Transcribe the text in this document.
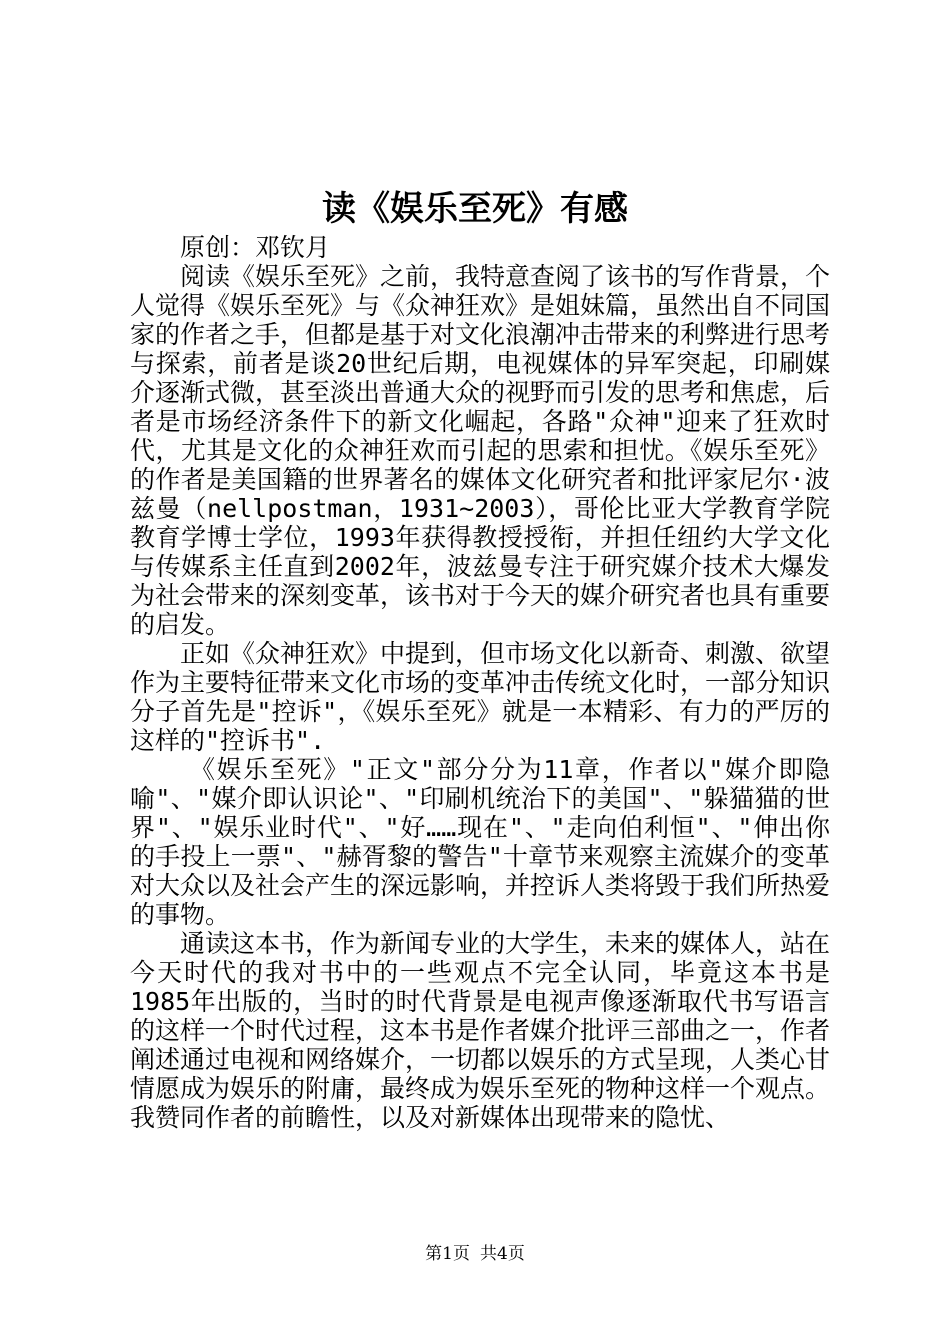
读《娱乐至死》有感

原创：邓钦月

阅读《娱乐至死》之前，我特意查阅了该书的写作背景，个人觉得《娱乐至死》与《众神狂欢》是姐妹篇，虽然出自不同国家的作者之手，但都是基于对文化浪潮冲击带来的利弊进行思考与探索，前者是谈20世纪后期，电视媒体的异军突起，印刷媒介逐渐式微，甚至淡出普通大众的视野而引发的思考和焦虑，后者是市场经济条件下的新文化崛起，各路"众神"迎来了狂欢时代，尤其是文化的众神狂欢而引起的思索和担忧。《娱乐至死》的作者是美国籍的世界著名的媒体文化研究者和批评家尼尔·波兹曼（nellpostman，1931~2003），哥伦比亚大学教育学院教育学博士学位，1993年获得教授授衔，并担任纽约大学文化与传媒系主任直到2002年，波兹曼专注于研究媒介技术大爆发为社会带来的深刻变革，该书对于今天的媒介研究者也具有重要的启发。

正如《众神狂欢》中提到，但市场文化以新奇、刺激、欲望作为主要特征带来文化市场的变革冲击传统文化时，一部分知识分子首先是"控诉"，《娱乐至死》就是一本精彩、有力的严厉的这样的"控诉书".

《娱乐至死》"正文"部分分为11章，作者以"媒介即隐喻"、"媒介即认识论"、"印刷机统治下的美国"、"躲猫猫的世界"、"娱乐业时代"、"好……现在"、"走向伯利恒"、"伸出你的手投上一票"、"赫胥黎的警告"十章节来观察主流媒介的变革对大众以及社会产生的深远影响，并控诉人类将毁于我们所热爱的事物。

通读这本书，作为新闻专业的大学生，未来的媒体人，站在今天时代的我对书中的一些观点不完全认同，毕竟这本书是1985年出版的，当时的时代背景是电视声像逐渐取代书写语言的这样一个时代过程，这本书是作者媒介批评三部曲之一，作者阐述通过电视和网络媒介，一切都以娱乐的方式呈现，人类心甘情愿成为娱乐的附庸，最终成为娱乐至死的物种这样一个观点。我赞同作者的前瞻性，以及对新媒体出现带来的隐忧、

第1页 共4页
